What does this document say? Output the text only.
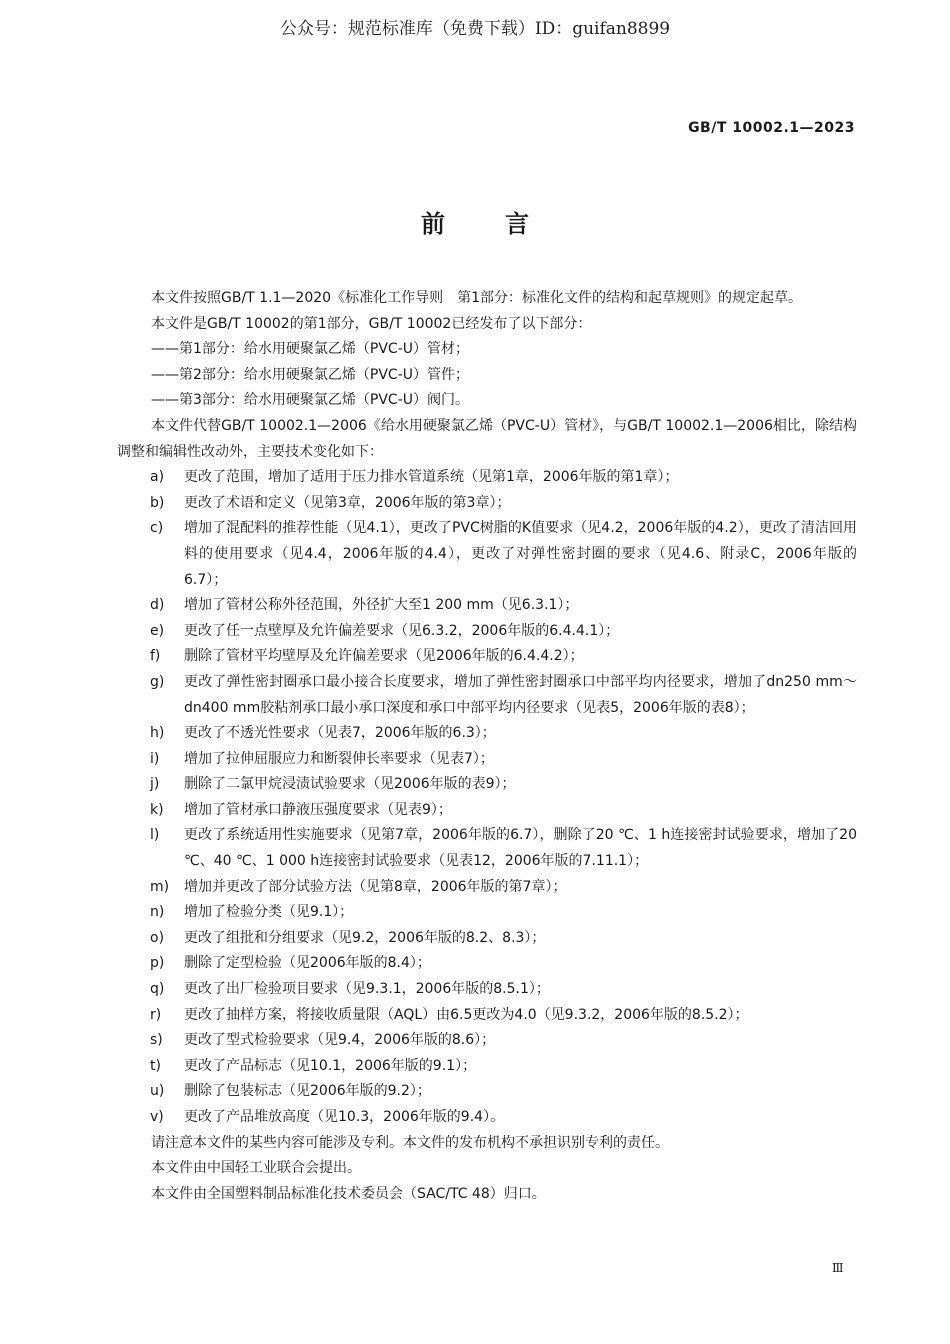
公众号：规范标准库（免费下载）ID：guifan8899
GB/T 10002.1—2023
前言
本文件按照GB/T 1.1—2020《标准化工作导则　第1部分：标准化文件的结构和起草规则》的规定起草。
本文件是GB/T 10002的第1部分，GB/T 10002已经发布了以下部分：
——第1部分：给水用硬聚氯乙烯（PVC-U）管材；
——第2部分：给水用硬聚氯乙烯（PVC-U）管件；
——第3部分：给水用硬聚氯乙烯（PVC-U）阀门。
本文件代替GB/T 10002.1—2006《给水用硬聚氯乙烯（PVC-U）管材》，与GB/T 10002.1—2006相比，除结构调整和编辑性改动外，主要技术变化如下：
a)	更改了范围，增加了适用于压力排水管道系统（见第1章，2006年版的第1章）；
b)	更改了术语和定义（见第3章，2006年版的第3章）；
c)	增加了混配料的推荐性能（见4.1），更改了PVC树脂的K值要求（见4.2，2006年版的4.2），更改了清洁回用料的使用要求（见4.4，2006年版的4.4），更改了对弹性密封圈的要求（见4.6、附录C，2006年版的6.7）；
d)	增加了管材公称外径范围，外径扩大至1 200 mm（见6.3.1）；
e)	更改了任一点壁厚及允许偏差要求（见6.3.2，2006年版的6.4.4.1）；
f)	删除了管材平均壁厚及允许偏差要求（见2006年版的6.4.4.2）；
g)	更改了弹性密封圈承口最小接合长度要求，增加了弹性密封圈承口中部平均内径要求，增加了dn250 mm～dn400 mm胶粘剂承口最小承口深度和承口中部平均内径要求（见表5，2006年版的表8）；
h)	更改了不透光性要求（见表7，2006年版的6.3）；
i)	增加了拉伸屈服应力和断裂伸长率要求（见表7）；
j)	删除了二氯甲烷浸渍试验要求（见2006年版的表9）；
k)	增加了管材承口静液压强度要求（见表9）；
l)	更改了系统适用性实施要求（见第7章，2006年版的6.7），删除了20 ℃、1 h连接密封试验要求，增加了20 ℃、40 ℃、1 000 h连接密封试验要求（见表12，2006年版的7.11.1）；
m)	增加并更改了部分试验方法（见第8章，2006年版的第7章）；
n)	增加了检验分类（见9.1）；
o)	更改了组批和分组要求（见9.2，2006年版的8.2、8.3）；
p)	删除了定型检验（见2006年版的8.4）；
q)	更改了出厂检验项目要求（见9.3.1，2006年版的8.5.1）；
r)	更改了抽样方案，将接收质量限（AQL）由6.5更改为4.0（见9.3.2，2006年版的8.5.2）；
s)	更改了型式检验要求（见9.4，2006年版的8.6）；
t)	更改了产品标志（见10.1，2006年版的9.1）；
u)	删除了包装标志（见2006年版的9.2）；
v)	更改了产品堆放高度（见10.3，2006年版的9.4）。
请注意本文件的某些内容可能涉及专利。本文件的发布机构不承担识别专利的责任。
本文件由中国轻工业联合会提出。
本文件由全国塑料制品标准化技术委员会（SAC/TC 48）归口。
Ⅲ
